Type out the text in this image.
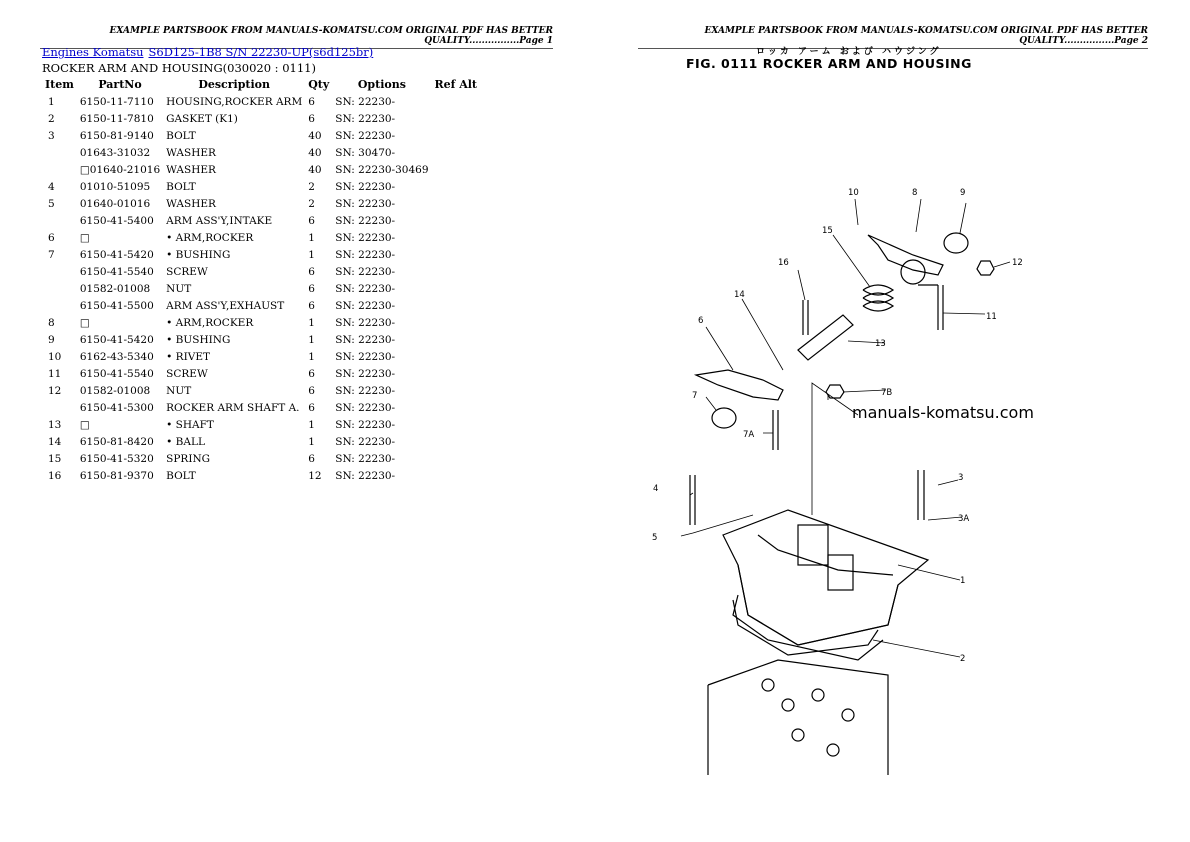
EXAMPLE PARTSBOOK FROM MANUALS-KOMATSU.COM ORIGINAL PDF HAS BETTER QUALITY................Page 1
Engines Komatsu S6D125-1B8 S/N 22230-UP(s6d125br)
ROCKER ARM AND HOUSING(030020 : 0111)
Item	PartNo	Description	Qty	Options	Ref Alt
1	6150-11-7110	HOUSING,ROCKER ARM	6	SN: 22230-	
2	6150-11-7810	GASKET (K1)	6	SN: 22230-	
3	6150-81-9140	BOLT	40	SN: 22230-	
	01643-31032	WASHER	40	SN: 30470-	
	□01640-21016	WASHER	40	SN: 22230-30469	
4	01010-51095	BOLT	2	SN: 22230-	
5	01640-01016	WASHER	2	SN: 22230-	
	6150-41-5400	ARM ASS'Y,INTAKE	6	SN: 22230-	
6	□	• ARM,ROCKER	1	SN: 22230-	
7	6150-41-5420	• BUSHING	1	SN: 22230-	
	6150-41-5540	SCREW	6	SN: 22230-	
	01582-01008	NUT	6	SN: 22230-	
	6150-41-5500	ARM ASS'Y,EXHAUST	6	SN: 22230-	
8	□	• ARM,ROCKER	1	SN: 22230-	
9	6150-41-5420	• BUSHING	1	SN: 22230-	
10	6162-43-5340	• RIVET	1	SN: 22230-	
11	6150-41-5540	SCREW	6	SN: 22230-	
12	01582-01008	NUT	6	SN: 22230-	
	6150-41-5300	ROCKER ARM SHAFT A.	6	SN: 22230-	
13	□	• SHAFT	1	SN: 22230-	
14	6150-81-8420	• BALL	1	SN: 22230-	
15	6150-41-5320	SPRING	6	SN: 22230-	
16	6150-81-9370	BOLT	12	SN: 22230-	
EXAMPLE PARTSBOOK FROM MANUALS-KOMATSU.COM ORIGINAL PDF HAS BETTER QUALITY................Page 2
ロッカ アーム および ハウジング
FIG. 0111 ROCKER ARM AND HOUSING
10	8	9
15
12
16
14
11
6
13
7B
7
7A
3
4
3A
5
1
2
manuals-komatsu.com
